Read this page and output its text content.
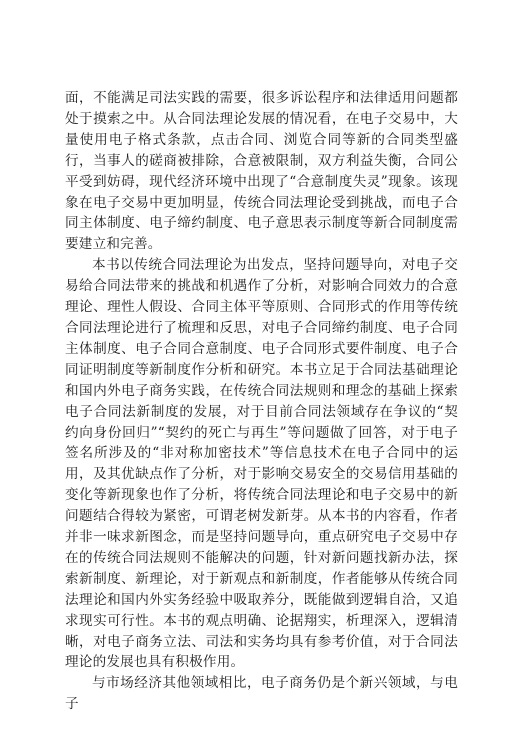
面，不能满足司法实践的需要，很多诉讼程序和法律适用问题都处于摸索之中。从合同法理论发展的情况看，在电子交易中，大量使用电子格式条款，点击合同、浏览合同等新的合同类型盛行，当事人的磋商被排除，合意被限制，双方利益失衡，合同公平受到妨碍，现代经济环境中出现了“合意制度失灵”现象。该现象在电子交易中更加明显，传统合同法理论受到挑战，而电子合同主体制度、电子缔约制度、电子意思表示制度等新合同制度需要建立和完善。

本书以传统合同法理论为出发点，坚持问题导向，对电子交易给合同法带来的挑战和机遇作了分析，对影响合同效力的合意理论、理性人假设、合同主体平等原则、合同形式的作用等传统合同法理论进行了梳理和反思，对电子合同缔约制度、电子合同主体制度、电子合同合意制度、电子合同形式要件制度、电子合同证明制度等新制度作分析和研究。本书立足于合同法基础理论和国内外电子商务实践，在传统合同法规则和理念的基础上探索电子合同法新制度的发展，对于目前合同法领域存在争议的“契约向身份回归”“契约的死亡与再生”等问题做了回答，对于电子签名所涉及的“非对称加密技术”等信息技术在电子合同中的运用，及其优缺点作了分析，对于影响交易安全的交易信用基础的变化等新现象也作了分析，将传统合同法理论和电子交易中的新问题结合得较为紧密，可谓老树发新芽。从本书的内容看，作者并非一味求新图念，而是坚持问题导向，重点研究电子交易中存在的传统合同法规则不能解决的问题，针对新问题找新办法，探索新制度、新理论，对于新观点和新制度，作者能够从传统合同法理论和国内外实务经验中吸取养分，既能做到逻辑自洽，又追求现实可行性。本书的观点明确、论据翔实，析理深入，逻辑清晰，对电子商务立法、司法和实务均具有参考价值，对于合同法理论的发展也具有积极作用。

与市场经济其他领域相比，电子商务仍是个新兴领域，与电子
